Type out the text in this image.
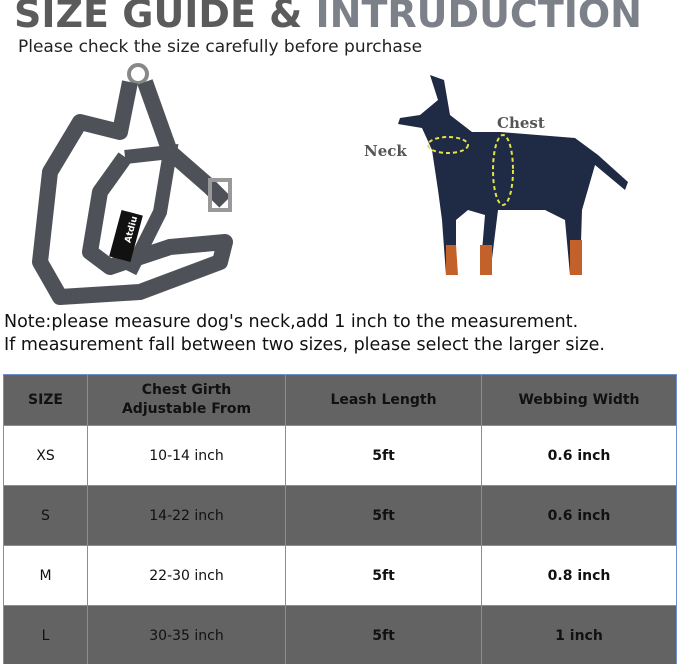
SIZE GUIDE & INTRUDUCTION
Please check the size carefully before purchase
Atdiu
Neck
Chest
Note:please measure dog's neck,add 1 inch to the measurement.
If measurement fall between two sizes, please select the larger size.
SIZE	Chest Girth Adjustable From	Leash Length	Webbing Width
XS	10-14 inch	5ft	0.6 inch
S	14-22 inch	5ft	0.6 inch
M	22-30 inch	5ft	0.8 inch
L	30-35 inch	5ft	1 inch
